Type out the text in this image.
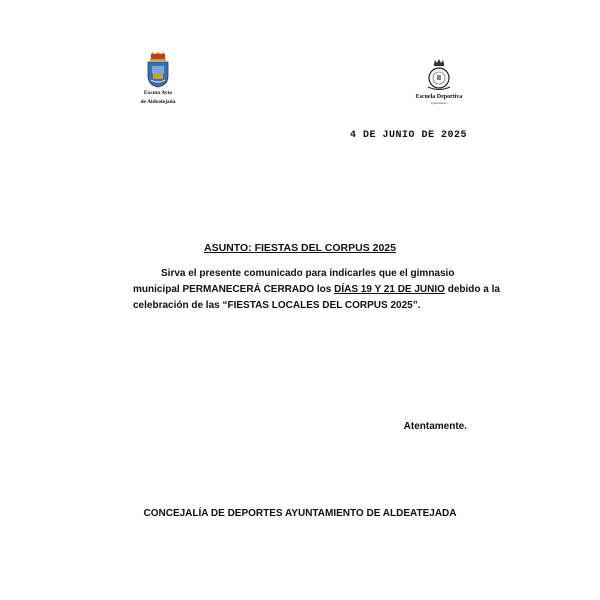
Excmo Ayto
de Aldeatejada
Escuela Deportiva
Ayuntamiento
4 DE JUNIO DE 2025
ASUNTO: FIESTAS DEL CORPUS 2025
Sirva el presente comunicado para indicarles que el gimnasio
municipal PERMANECERÁ CERRADO los DÍAS 19 Y 21 DE JUNIO debido a la
celebración de las “FIESTAS LOCALES DEL CORPUS 2025”.
Atentamente.
CONCEJALÍA DE DEPORTES AYUNTAMIENTO DE ALDEATEJADA
